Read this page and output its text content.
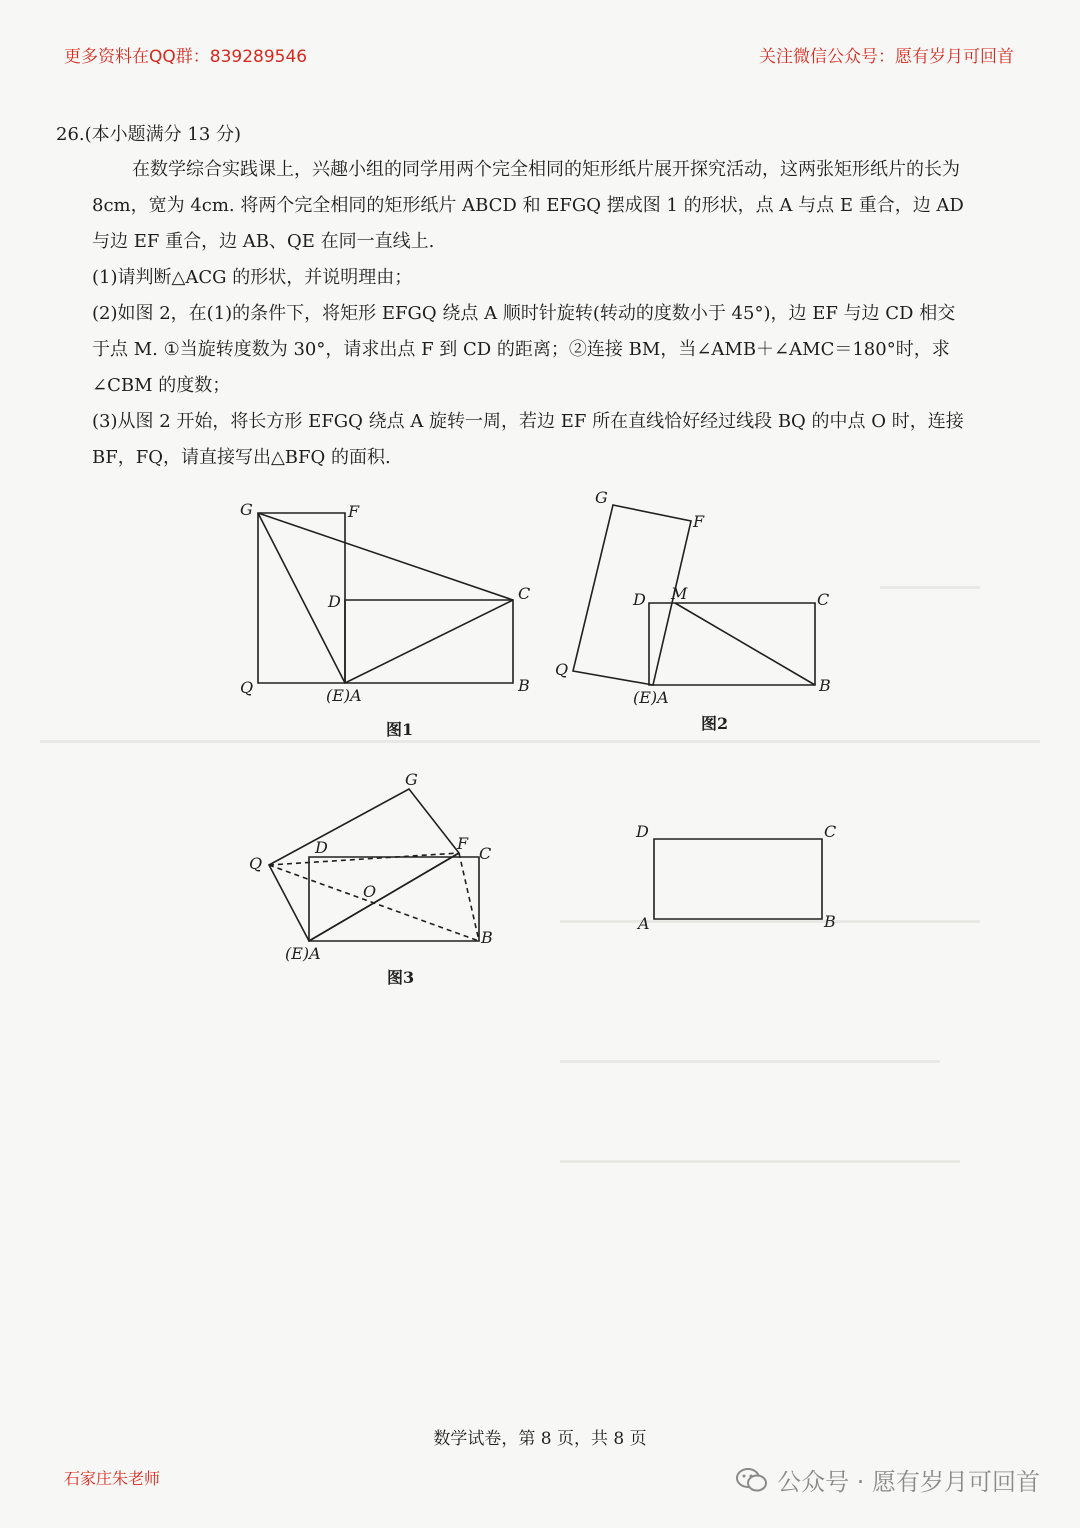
更多资料在QQ群：839289546	关注微信公众号：愿有岁月可回首
26.(本小题满分 13 分)
在数学综合实践课上，兴趣小组的同学用两个完全相同的矩形纸片展开探究活动，这两张矩形纸片的长为 8cm，宽为 4cm. 将两个完全相同的矩形纸片 ABCD 和 EFGQ 摆成图 1 的形状，点 A 与点 E 重合，边 AD 与边 EF 重合，边 AB、QE 在同一直线上.
(1)请判断△ACG 的形状，并说明理由；
(2)如图 2，在(1)的条件下，将矩形 EFGQ 绕点 A 顺时针旋转(转动的度数小于 45°)，边 EF 与边 CD 相交于点 M. ①当旋转度数为 30°，请求出点 F 到 CD 的距离；②连接 BM，当∠AMB＋∠AMC＝180°时，求∠CBM 的度数；
(3)从图 2 开始，将长方形 EFGQ 绕点 A 旋转一周，若边 EF 所在直线恰好经过线段 BQ 的中点 O 时，连接 BF，FQ，请直接写出△BFQ 的面积.
G	F
D	C
Q	(E)A
B
图1
G
F
D M	C
Q
(E)A
B
图2
G
Q
D	F
C
O
(E)A
B
图3
D	C
A	B
数学试卷，第 8 页，共 8 页
石家庄朱老师	公众号 · 愿有岁月可回首
